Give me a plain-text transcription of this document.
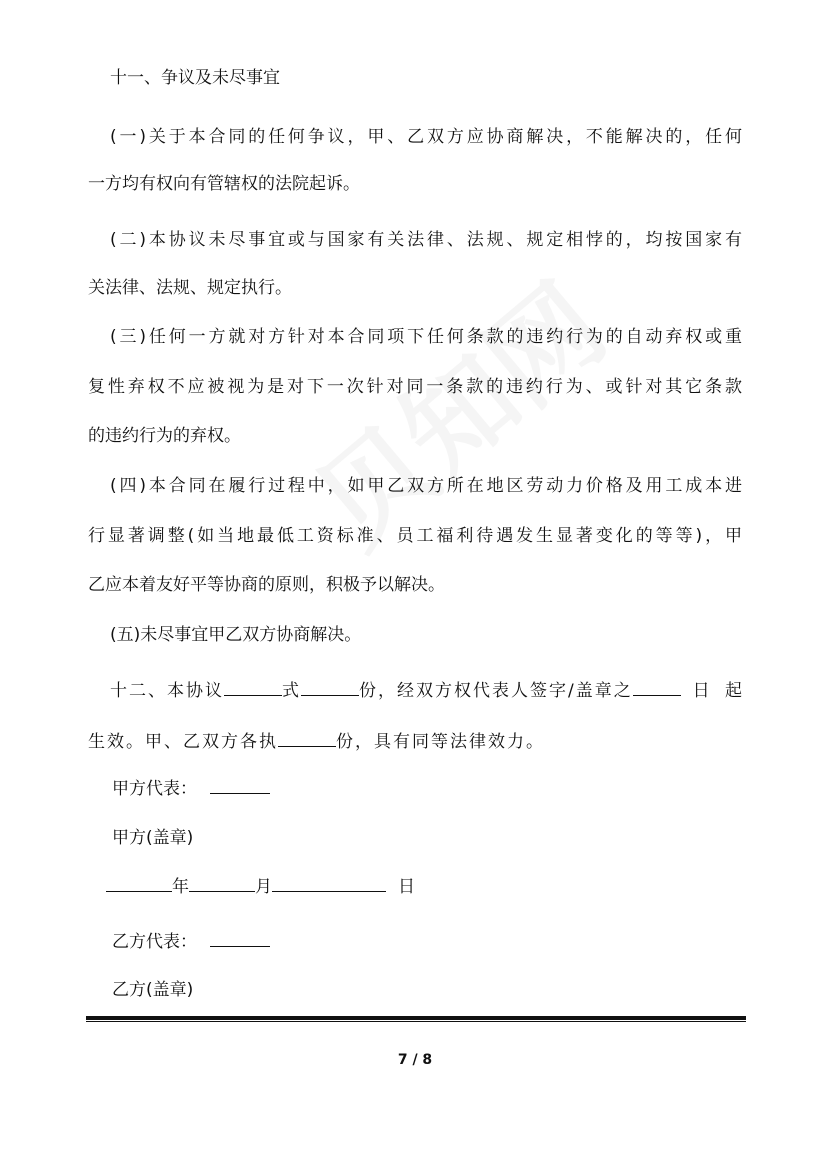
十一、争议及未尽事宜
(一)关于本合同的任何争议，甲、乙双方应协商解决，不能解决的，任何
一方均有权向有管辖权的法院起诉。
(二)本协议未尽事宜或与国家有关法律、法规、规定相悖的，均按国家有
关法律、法规、规定执行。
(三)任何一方就对方针对本合同项下任何条款的违约行为的自动弃权或重
复性弃权不应被视为是对下一次针对同一条款的违约行为、或针对其它条款
的违约行为的弃权。
(四)本合同在履行过程中，如甲乙双方所在地区劳动力价格及用工成本进
行显著调整(如当地最低工资标准、员工福利待遇发生显著变化的等等)，甲
乙应本着友好平等协商的原则，积极予以解决。
(五)未尽事宜甲乙双方协商解决。
十二、本协议	式	份，经双方权代表人签字/盖章之	日 起
生效。甲、乙双方各执	份，具有同等法律效力。
甲方代表：
甲方(盖章)
年	月	日
乙方代表：
乙方(盖章)
7 / 8
